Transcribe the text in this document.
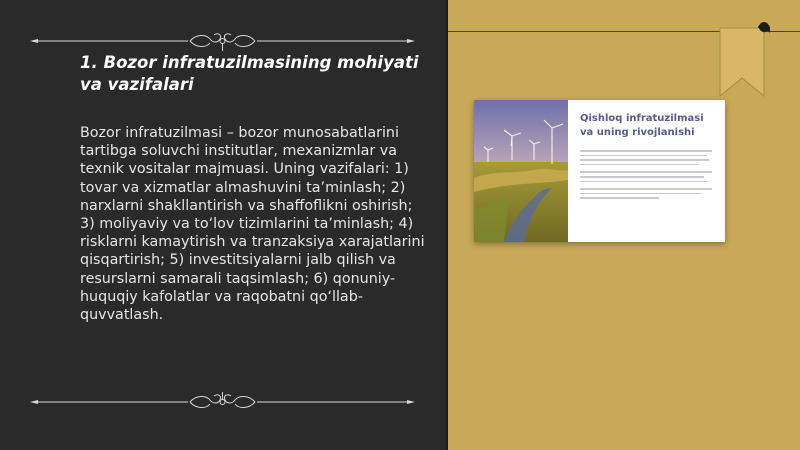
1. Bozor infratuzilmasining mohiyati va vazifalari

Bozor infratuzilmasi – bozor munosabatlarini tartibga soluvchi institutlar, mexanizmlar va texnik vositalar majmuasi. Uning vazifalari: 1) tovar va xizmatlar almashuvini ta’minlash; 2) narxlarni shakllantirish va shaffoflikni oshirish; 3) moliyaviy va to‘lov tizimlarini ta’minlash; 4) risklarni kamaytirish va tranzaksiya xarajatlarini qisqartirish; 5) investitsiyalarni jalb qilish va resurslarni samarali taqsimlash; 6) qonuniy-huquqiy kafolatlar va raqobatni qo‘llab-quvvatlash.

Qishloq infratuzilmasi va uning rivojlanishi
